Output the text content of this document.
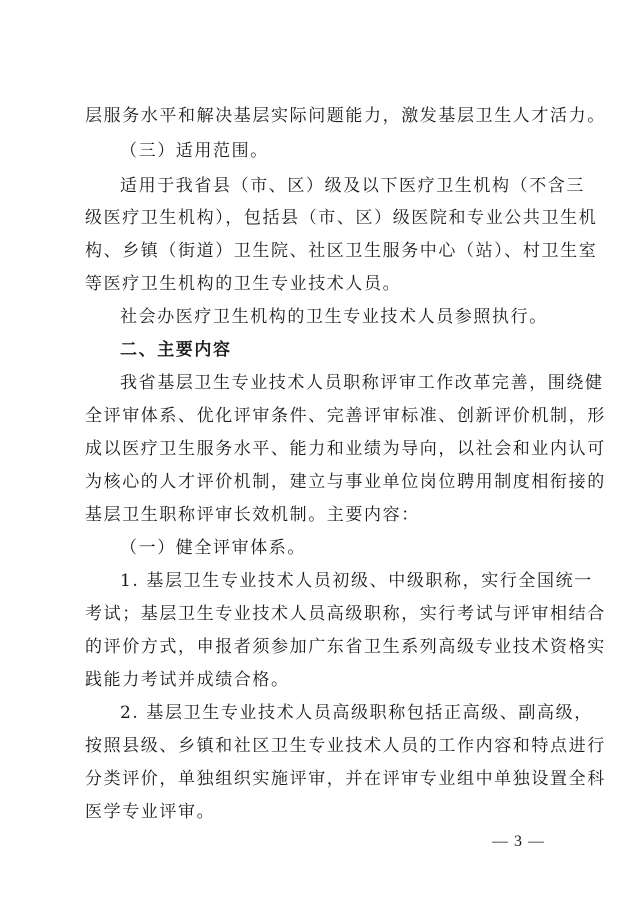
层服务水平和解决基层实际问题能力，激发基层卫生人才活力。
（三）适用范围。
适用于我省县（市、区）级及以下医疗卫生机构（不含三
级医疗卫生机构），包括县（市、区）级医院和专业公共卫生机
构、乡镇（街道）卫生院、社区卫生服务中心（站）、村卫生室
等医疗卫生机构的卫生专业技术人员。
社会办医疗卫生机构的卫生专业技术人员参照执行。
二、主要内容
我省基层卫生专业技术人员职称评审工作改革完善，围绕健
全评审体系、优化评审条件、完善评审标准、创新评价机制，形
成以医疗卫生服务水平、能力和业绩为导向，以社会和业内认可
为核心的人才评价机制，建立与事业单位岗位聘用制度相衔接的
基层卫生职称评审长效机制。主要内容：
（一）健全评审体系。
1. 基层卫生专业技术人员初级、中级职称，实行全国统一
考试；基层卫生专业技术人员高级职称，实行考试与评审相结合
的评价方式，申报者须参加广东省卫生系列高级专业技术资格实
践能力考试并成绩合格。
2. 基层卫生专业技术人员高级职称包括正高级、副高级，
按照县级、乡镇和社区卫生专业技术人员的工作内容和特点进行
分类评价，单独组织实施评审，并在评审专业组中单独设置全科
医学专业评审。
— 3 —
